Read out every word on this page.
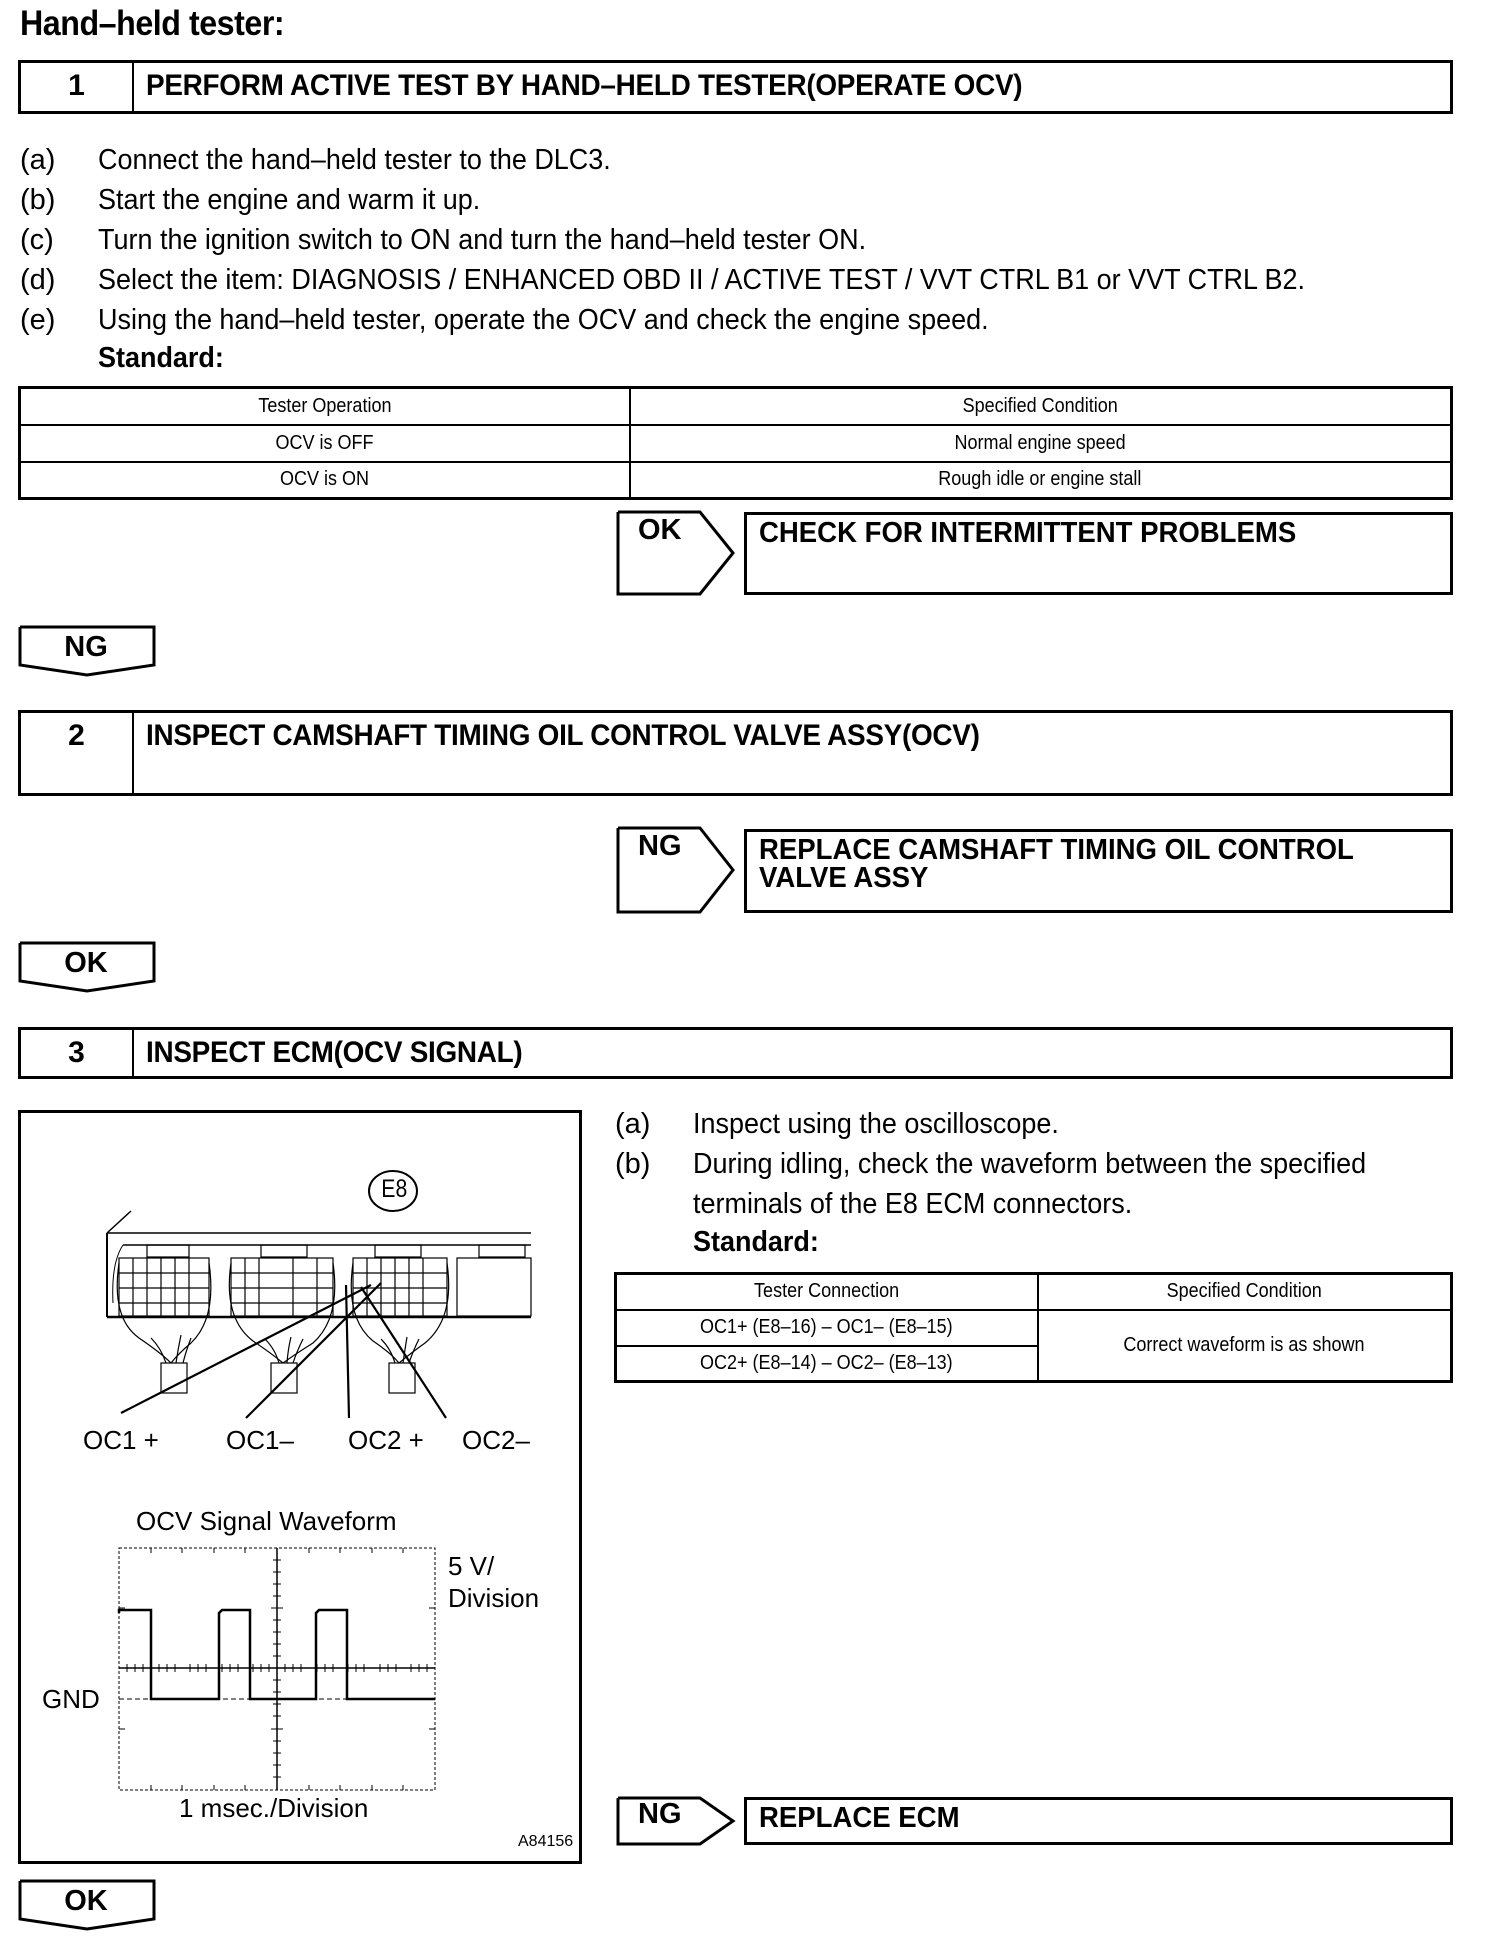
Hand–held tester:
1	PERFORM ACTIVE TEST BY HAND–HELD TESTER(OPERATE OCV)
(a) Connect the hand–held tester to the DLC3.
(b) Start the engine and warm it up.
(c) Turn the ignition switch to ON and turn the hand–held tester ON.
(d) Select the item: DIAGNOSIS / ENHANCED OBD II / ACTIVE TEST / VVT CTRL B1 or VVT CTRL B2.
(e) Using the hand–held tester, operate the OCV and check the engine speed.
Standard:
Tester Operation	Specified Condition
OCV is OFF	Normal engine speed
OCV is ON	Rough idle or engine stall
OK	CHECK FOR INTERMITTENT PROBLEMS
NG
2	INSPECT CAMSHAFT TIMING OIL CONTROL VALVE ASSY(OCV)
NG	REPLACE CAMSHAFT TIMING OIL CONTROL
VALVE ASSY
OK
3	INSPECT ECM(OCV SIGNAL)
E8
OC1 +	OC1– OC2 + OC2–
OCV Signal Waveform
5 V/
Division
GND
1 msec./Division
A84156
(a) Inspect using the oscilloscope.
(b) During idling, check the waveform between the specified
terminals of the E8 ECM connectors.
Standard:
Tester Connection	Specified Condition
OC1+ (E8–16) – OC1– (E8–15)	Correct waveform is as shown
OC2+ (E8–14) – OC2– (E8–13)	
NG	REPLACE ECM
OK
